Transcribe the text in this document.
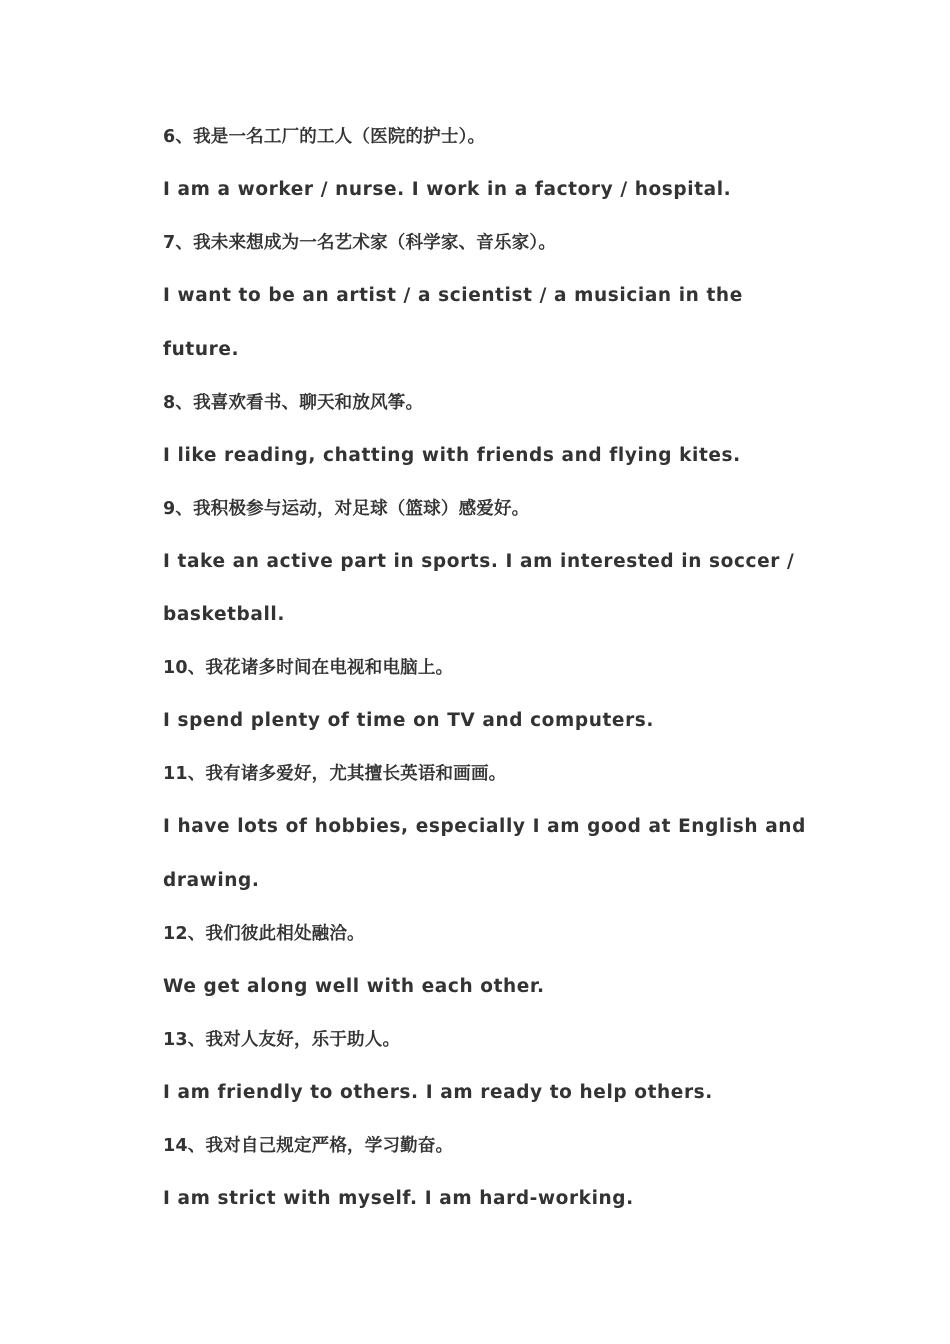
6、我是一名工厂的工人（医院的护士）。
I am a worker / nurse. I work in a factory / hospital.
7、我未来想成为一名艺术家（科学家、音乐家）。
I want to be an artist / a scientist / a musician in the
future.
8、我喜欢看书、聊天和放风筝。
I like reading, chatting with friends and flying kites.
9、我积极参与运动，对足球（篮球）感爱好。
I take an active part in sports. I am interested in soccer /
basketball.
10、我花诸多时间在电视和电脑上。
I spend plenty of time on TV and computers.
11、我有诸多爱好，尤其擅长英语和画画。
I have lots of hobbies, especially I am good at English and
drawing.
12、我们彼此相处融洽。
We get along well with each other.
13、我对人友好，乐于助人。
I am friendly to others. I am ready to help others.
14、我对自己规定严格，学习勤奋。
I am strict with myself. I am hard-working.
